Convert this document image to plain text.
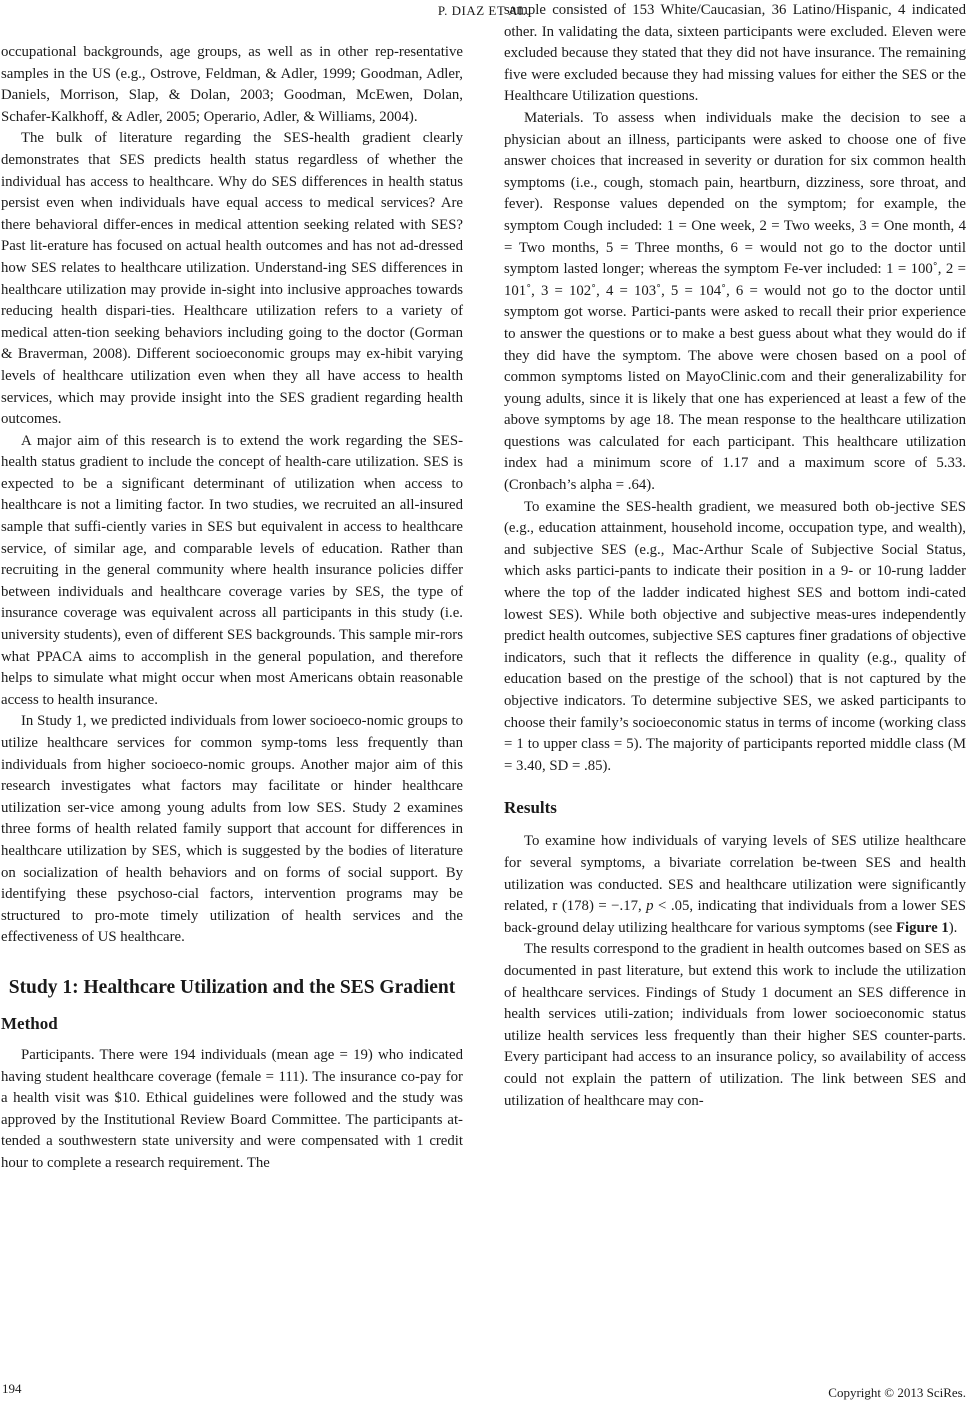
P. DIAZ ET AL.

occupational backgrounds, age groups, as well as in other rep-resentative samples in the US (e.g., Ostrove, Feldman, & Adler, 1999; Goodman, Adler, Daniels, Morrison, Slap, & Dolan, 2003; Goodman, McEwen, Dolan, Schafer-Kalkhoff, & Adler, 2005; Operario, Adler, & Williams, 2004).

The bulk of literature regarding the SES-health gradient clearly demonstrates that SES predicts health status regardless of whether the individual has access to healthcare. Why do SES differences in health status persist even when individuals have equal access to medical services? Are there behavioral differ-ences in medical attention seeking related with SES? Past lit-erature has focused on actual health outcomes and has not ad-dressed how SES relates to healthcare utilization. Understand-ing SES differences in healthcare utilization may provide in-sight into inclusive approaches towards reducing health dispari-ties. Healthcare utilization refers to a variety of medical atten-tion seeking behaviors including going to the doctor (Gorman & Braverman, 2008). Different socioeconomic groups may ex-hibit varying levels of healthcare utilization even when they all have access to health services, which may provide insight into the SES gradient regarding health outcomes.

A major aim of this research is to extend the work regarding the SES-health status gradient to include the concept of health-care utilization. SES is expected to be a significant determinant of utilization when access to healthcare is not a limiting factor. In two studies, we recruited an all-insured sample that suffi-ciently varies in SES but equivalent in access to healthcare service, of similar age, and comparable levels of education. Rather than recruiting in the general community where health insurance policies differ between individuals and healthcare coverage varies by SES, the type of insurance coverage was equivalent across all participants in this study (i.e. university students), even of different SES backgrounds. This sample mir-rors what PPACA aims to accomplish in the general population, and therefore helps to simulate what might occur when most Americans obtain reasonable access to health insurance.

In Study 1, we predicted individuals from lower socioeco-nomic groups to utilize healthcare services for common symp-toms less frequently than individuals from higher socioeco-nomic groups. Another major aim of this research investigates what factors may facilitate or hinder healthcare utilization ser-vice among young adults from low SES. Study 2 examines three forms of health related family support that account for differences in healthcare utilization by SES, which is suggested by the bodies of literature on socialization of health behaviors and on forms of social support. By identifying these psychoso-cial factors, intervention programs may be structured to pro-mote timely utilization of health services and the effectiveness of US healthcare.

Study 1: Healthcare Utilization and the SES Gradient
Method

Participants. There were 194 individuals (mean age = 19) who indicated having student healthcare coverage (female = 111). The insurance co-pay for a health visit was $10. Ethical guidelines were followed and the study was approved by the Institutional Review Board Committee. The participants at-tended a southwestern state university and were compensated with 1 credit hour to complete a research requirement. The

sample consisted of 153 White/Caucasian, 36 Latino/Hispanic, 4 indicated other. In validating the data, sixteen participants were excluded. Eleven were excluded because they stated that they did not have insurance. The remaining five were excluded because they had missing values for either the SES or the Healthcare Utilization questions.

Materials. To assess when individuals make the decision to see a physician about an illness, participants were asked to choose one of five answer choices that increased in severity or duration for six common health symptoms (i.e., cough, stomach pain, heartburn, dizziness, sore throat, and fever). Response values depended on the symptom; for example, the symptom Cough included: 1 = One week, 2 = Two weeks, 3 = One month, 4 = Two months, 5 = Three months, 6 = would not go to the doctor until symptom lasted longer; whereas the symptom Fe-ver included: 1 = 100˚, 2 = 101˚, 3 = 102˚, 4 = 103˚, 5 = 104˚, 6 = would not go to the doctor until symptom got worse. Partici-pants were asked to recall their prior experience to answer the questions or to make a best guess about what they would do if they did have the symptom. The above were chosen based on a pool of common symptoms listed on MayoClinic.com and their generalizability for young adults, since it is likely that one has experienced at least a few of the above symptoms by age 18. The mean response to the healthcare utilization questions was calculated for each participant. This healthcare utilization index had a minimum score of 1.17 and a maximum score of 5.33. (Cronbach’s alpha = .64).

To examine the SES-health gradient, we measured both ob-jective SES (e.g., education attainment, household income, occupation type, and wealth), and subjective SES (e.g., Mac-Arthur Scale of Subjective Social Status, which asks partici-pants to indicate their position in a 9- or 10-rung ladder where the top of the ladder indicated highest SES and bottom indi-cated lowest SES). While both objective and subjective meas-ures independently predict health outcomes, subjective SES captures finer gradations of objective indicators, such that it reflects the difference in quality (e.g., quality of education based on the prestige of the school) that is not captured by the objective indicators. To determine subjective SES, we asked participants to choose their family’s socioeconomic status in terms of income (working class = 1 to upper class = 5). The majority of participants reported middle class (M = 3.40, SD = .85).

Results

To examine how individuals of varying levels of SES utilize healthcare for several symptoms, a bivariate correlation be-tween SES and health utilization was conducted. SES and healthcare utilization were significantly related, r (178) = −.17, p < .05, indicating that individuals from a lower SES back-ground delay utilizing healthcare for various symptoms (see Figure 1).

The results correspond to the gradient in health outcomes based on SES as documented in past literature, but extend this work to include the utilization of healthcare services. Findings of Study 1 document an SES difference in health services utili-zation; individuals from lower socioeconomic status utilize health services less frequently than their higher SES counter-parts. Every participant had access to an insurance policy, so availability of access could not explain the pattern of utilization. The link between SES and utilization of healthcare may con-

194	Copyright © 2013 SciRes.
